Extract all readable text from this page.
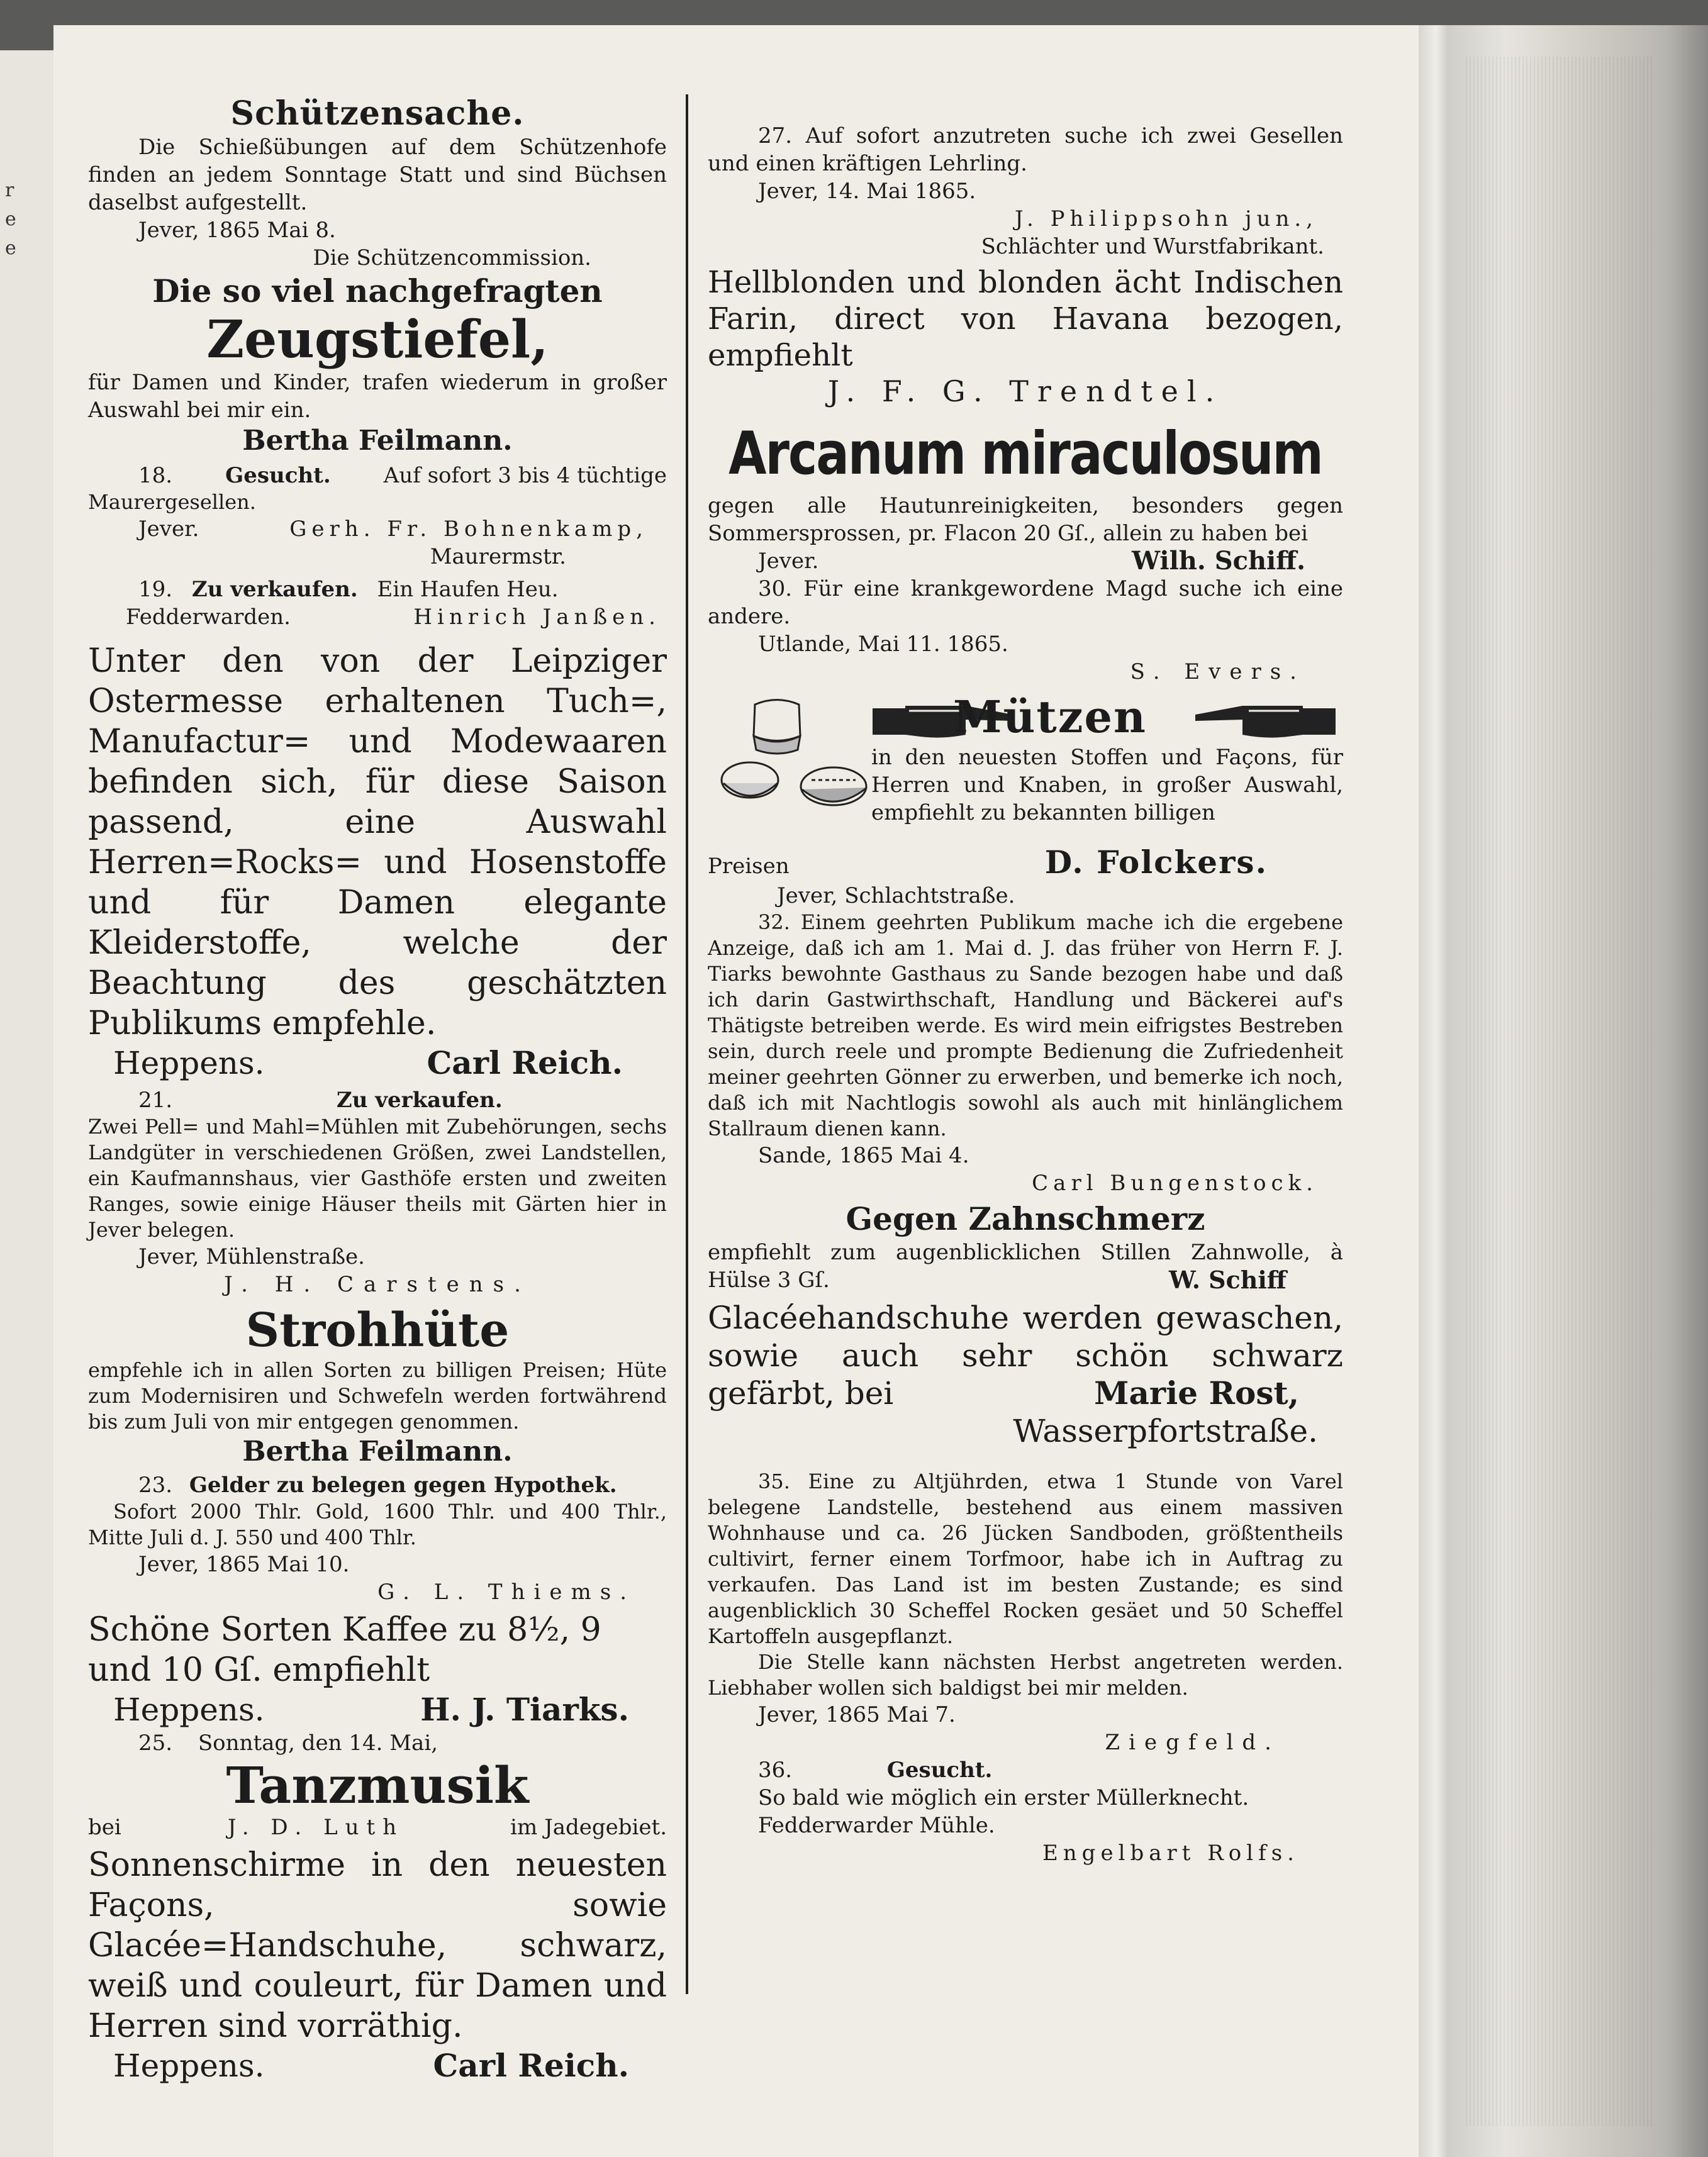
r
e
e
Schützensache.

Die Schießübungen auf dem Schützenhofe finden an jedem Sonntage Statt und sind Büchsen daselbst aufgestellt.

Jever, 1865 Mai 8.

Die Schützencommission.

Die so viel nachgefragten
Zeugstiefel,

für Damen und Kinder, trafen wiederum in großer Auswahl bei mir ein.

Bertha Feilmann.

18. Gesucht. Auf sofort 3 bis 4 tüchtige

Maurergesellen.

Jever.	Gerh. Fr. Bohnenkamp,

Maurermstr.

19. Zu verkaufen. Ein Haufen Heu.
Fedderwarden.	Hinrich Janßen.

Unter den von der Leipziger Ostermesse erhaltenen Tuch=, Manufactur= und Modewaaren befinden sich, für diese Saison passend, eine Auswahl Herren=Rocks= und Hosenstoffe und für Damen elegante Kleiderstoffe, welche der Beachtung des geschätzten Publikums empfehle.

Heppens.	Carl Reich.
21.	Zu verkaufen.

Zwei Pell= und Mahl=Mühlen mit Zubehörungen, sechs Landgüter in verschiedenen Größen, zwei Landstellen, ein Kaufmannshaus, vier Gasthöfe ersten und zweiten Ranges, sowie einige Häuser theils mit Gärten hier in Jever belegen.

Jever, Mühlenstraße.

J. H. Carstens.

Strohhüte

empfehle ich in allen Sorten zu billigen Preisen; Hüte zum Modernisiren und Schwefeln werden fortwährend bis zum Juli von mir entgegen genommen.

Bertha Feilmann.

23. Gelder zu belegen gegen Hypothek.

Sofort 2000 Thlr. Gold, 1600 Thlr. und 400 Thlr., Mitte Juli d. J. 550 und 400 Thlr.

Jever, 1865 Mai 10.

G. L. Thiems.

Schöne Sorten Kaffee zu 8½, 9

und 10 Gſ. empfiehlt

Heppens.	H. J. Tiarks.
25. Sonntag, den 14. Mai,
Tanzmusik
bei	J. D. Luth	im Jadegebiet.

Sonnenschirme in den neuesten Façons, sowie Glacée=Handschuhe, schwarz, weiß und couleurt, für Damen und Herren sind vorräthig.

Heppens.	Carl Reich.

27. Auf sofort anzutreten suche ich zwei Gesellen und einen kräftigen Lehrling.

Jever, 14. Mai 1865.

J. Philippsohn jun.,

Schlächter und Wurstfabrikant.

Hellblonden und blonden ächt Indischen Farin, direct von Havana bezogen, empfiehlt

J. F. G. Trendtel.

Arcanum miraculosum

gegen alle Hautunreinigkeiten, besonders gegen Sommersprossen, pr. Flacon 20 Gſ., allein zu haben bei

Jever.	Wilh. Schiff.

30. Für eine krankgewordene Magd suche ich eine andere.

Utlande, Mai 11. 1865.

S. Evers.

Mützen
in den neuesten Stoffen und Façons, für Herren und Knaben, in großer Auswahl, empfiehlt zu bekannten billigen
Preisen	D. Folckers.

Jever, Schlachtstraße.

32. Einem geehrten Publikum mache ich die ergebene Anzeige, daß ich am 1. Mai d. J. das früher von Herrn F. J. Tiarks bewohnte Gasthaus zu Sande bezogen habe und daß ich darin Gastwirthschaft, Handlung und Bäckerei auf's Thätigste betreiben werde. Es wird mein eifrigstes Bestreben sein, durch reele und prompte Bedienung die Zufriedenheit meiner geehrten Gönner zu erwerben, und bemerke ich noch, daß ich mit Nachtlogis sowohl als auch mit hinlänglichem Stallraum dienen kann.

Sande, 1865 Mai 4.

Carl Bungenstock.

Gegen Zahnschmerz

empfiehlt zum augenblicklichen Stillen Zahnwolle, à Hülse 3 Gſ.	W. Schiff

Glacéehandschuhe werden gewaschen, sowie auch sehr schön schwarz gefärbt, bei	Marie Rost,

Wasserpfortstraße.

35. Eine zu Altjührden, etwa 1 Stunde von Varel belegene Landstelle, bestehend aus einem massiven Wohnhause und ca. 26 Jücken Sandboden, größtentheils cultivirt, ferner einem Torfmoor, habe ich in Auftrag zu verkaufen. Das Land ist im besten Zustande; es sind augenblicklich 30 Scheffel Rocken gesäet und 50 Scheffel Kartoffeln ausgepflanzt.

Die Stelle kann nächsten Herbst angetreten werden. Liebhaber wollen sich baldigst bei mir melden.

Jever, 1865 Mai 7.

Ziegfeld.

36.	Gesucht.

So bald wie möglich ein erster Müllerknecht.

Fedderwarder Mühle.

Engelbart Rolfs.
